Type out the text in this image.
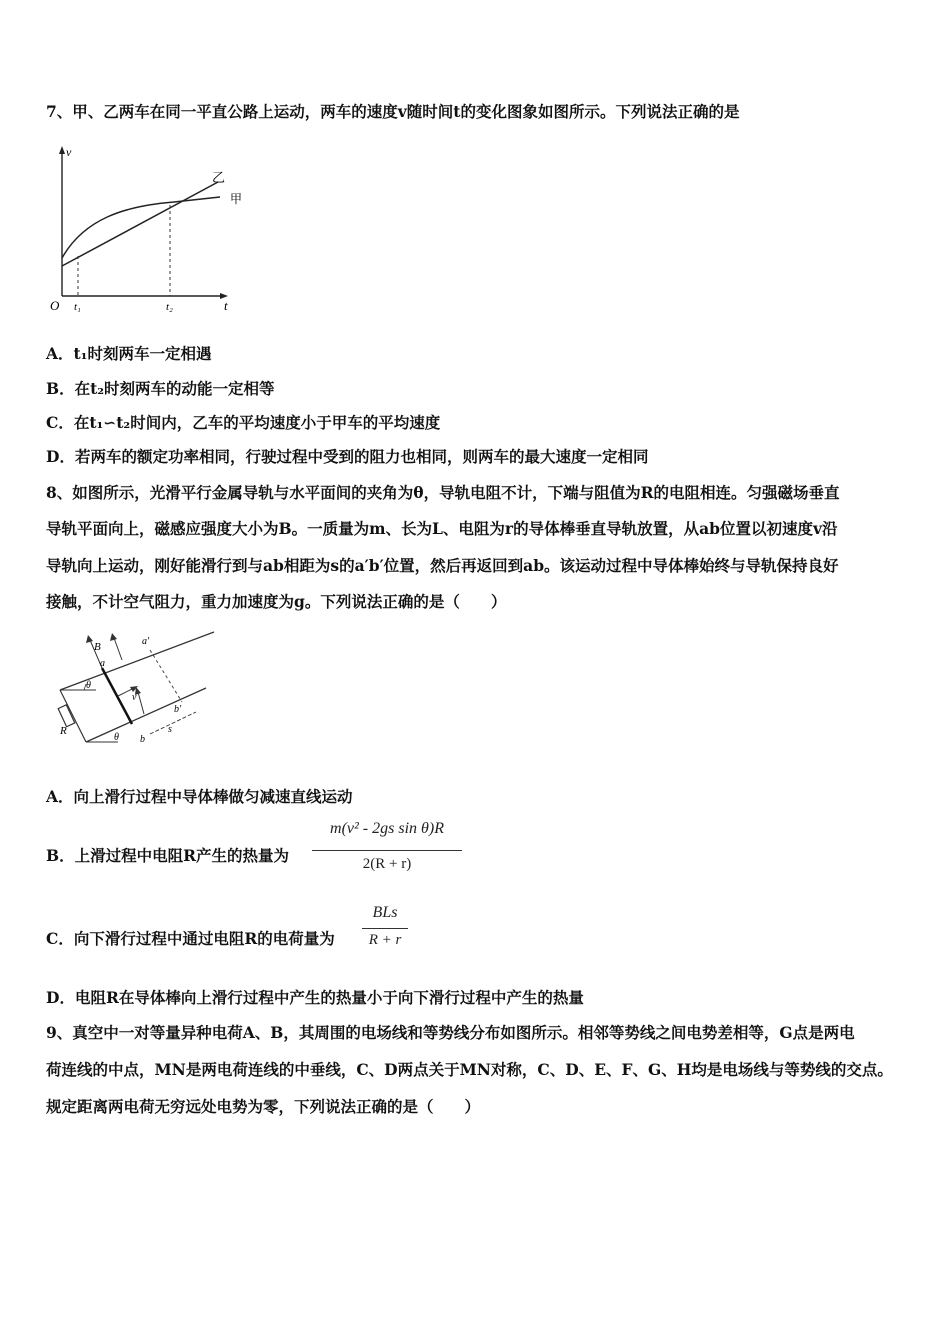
7、甲、乙两车在同一平直公路上运动，两车的速度v随时间t的变化图象如图所示。下列说法正确的是
v
t
O t₁	t₂
乙
甲
A．t₁时刻两车一定相遇
B．在t₂时刻两车的动能一定相等
C．在t₁∽t₂时间内，乙车的平均速度小于甲车的平均速度
D．若两车的额定功率相同，行驶过程中受到的阻力也相同，则两车的最大速度一定相同
8、如图所示，光滑平行金属导轨与水平面间的夹角为θ，导轨电阻不计，下端与阻值为R的电阻相连。匀强磁场垂直
导轨平面向上，磁感应强度大小为B。一质量为m、长为L、电阻为r的导体棒垂直导轨放置，从ab位置以初速度v沿
导轨向上运动，刚好能滑行到与ab相距为s的a′b′位置，然后再返回到ab。该运动过程中导体棒始终与导轨保持良好
接触，不计空气阻力，重力加速度为g。下列说法正确的是（　　）
B
a
a'
b
b'
v
R
θ
θ
s
A．向上滑行过程中导体棒做匀减速直线运动
B．上滑过程中电阻R产生的热量为
m(v² - 2gs sin θ)R
2(R + r)
C．向下滑行过程中通过电阻R的电荷量为
BLs
R + r
D．电阻R在导体棒向上滑行过程中产生的热量小于向下滑行过程中产生的热量
9、真空中一对等量异种电荷A、B，其周围的电场线和等势线分布如图所示。相邻等势线之间电势差相等，G点是两电
荷连线的中点，MN是两电荷连线的中垂线，C、D两点关于MN对称，C、D、E、F、G、H均是电场线与等势线的交点。
规定距离两电荷无穷远处电势为零，下列说法正确的是（　　）
